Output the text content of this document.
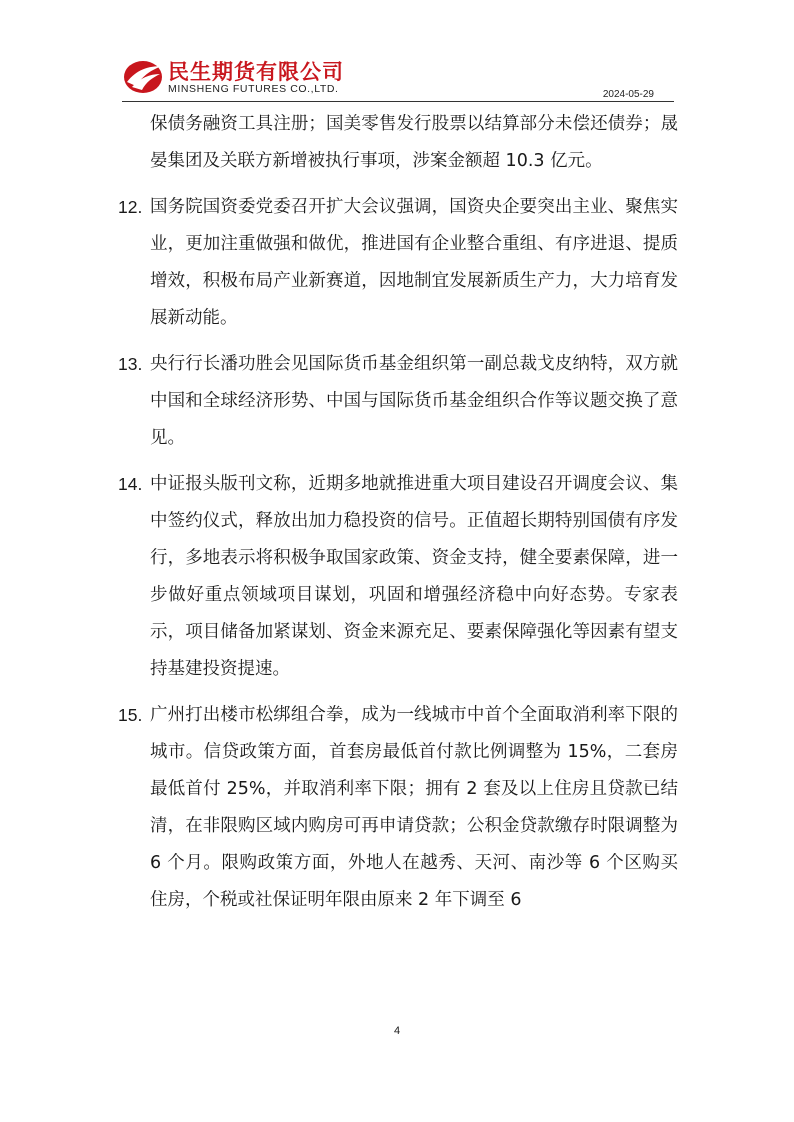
民生期货有限公司
MINSHENG FUTURES CO.,LTD.	2024-05-29

保债务融资工具注册；国美零售发行股票以结算部分未偿还债券；晟晏集团及关联方新增被执行事项，涉案金额超 10.3 亿元。

12. 国务院国资委党委召开扩大会议强调，国资央企要突出主业、聚焦实业，更加注重做强和做优，推进国有企业整合重组、有序进退、提质增效，积极布局产业新赛道，因地制宜发展新质生产力，大力培育发展新动能。
13. 央行行长潘功胜会见国际货币基金组织第一副总裁戈皮纳特，双方就中国和全球经济形势、中国与国际货币基金组织合作等议题交换了意见。
14. 中证报头版刊文称，近期多地就推进重大项目建设召开调度会议、集中签约仪式，释放出加力稳投资的信号。正值超长期特别国债有序发行，多地表示将积极争取国家政策、资金支持，健全要素保障，进一步做好重点领域项目谋划，巩固和增强经济稳中向好态势。专家表示，项目储备加紧谋划、资金来源充足、要素保障强化等因素有望支持基建投资提速。
15. 广州打出楼市松绑组合拳，成为一线城市中首个全面取消利率下限的城市。信贷政策方面，首套房最低首付款比例调整为 15%，二套房最低首付 25%，并取消利率下限；拥有 2 套及以上住房且贷款已结清，在非限购区域内购房可再申请贷款；公积金贷款缴存时限调整为 6 个月。限购政策方面，外地人在越秀、天河、南沙等 6 个区购买住房，个税或社保证明年限由原来 2 年下调至 6
4
